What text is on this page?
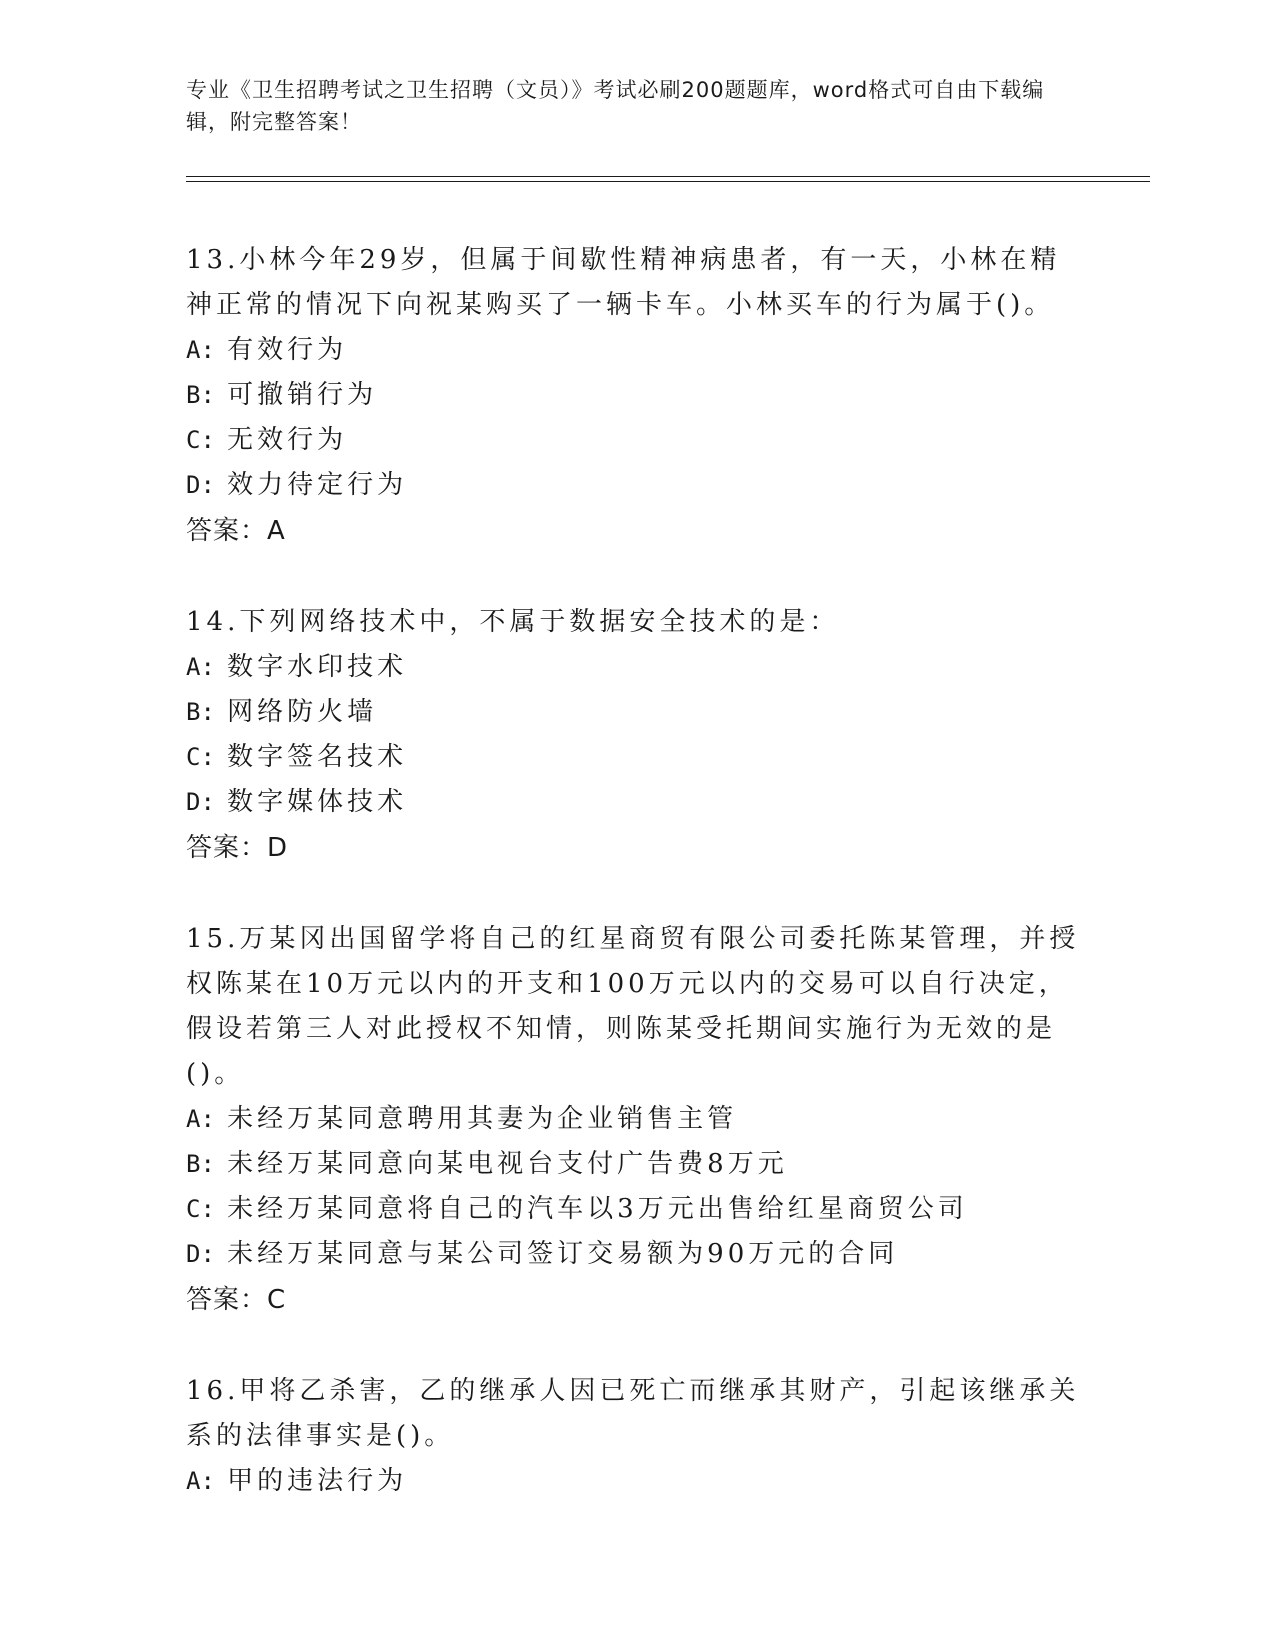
专业《卫生招聘考试之卫生招聘（文员）》考试必刷200题题库，word格式可自由下载编辑，附完整答案！
13.小林今年29岁，但属于间歇性精神病患者，有一天，小林在精神正常的情况下向祝某购买了一辆卡车。小林买车的行为属于()。
A: 有效行为
B: 可撤销行为
C: 无效行为
D: 效力待定行为
答案：A
14.下列网络技术中，不属于数据安全技术的是：
A: 数字水印技术
B: 网络防火墙
C: 数字签名技术
D: 数字媒体技术
答案：D
15.万某冈出国留学将自己的红星商贸有限公司委托陈某管理，并授权陈某在10万元以内的开支和100万元以内的交易可以自行决定，假设若第三人对此授权不知情，则陈某受托期间实施行为无效的是()。
A: 未经万某同意聘用其妻为企业销售主管
B: 未经万某同意向某电视台支付广告费8万元
C: 未经万某同意将自己的汽车以3万元出售给红星商贸公司
D: 未经万某同意与某公司签订交易额为90万元的合同
答案：C
16.甲将乙杀害，乙的继承人因已死亡而继承其财产，引起该继承关系的法律事实是()。
A: 甲的违法行为
